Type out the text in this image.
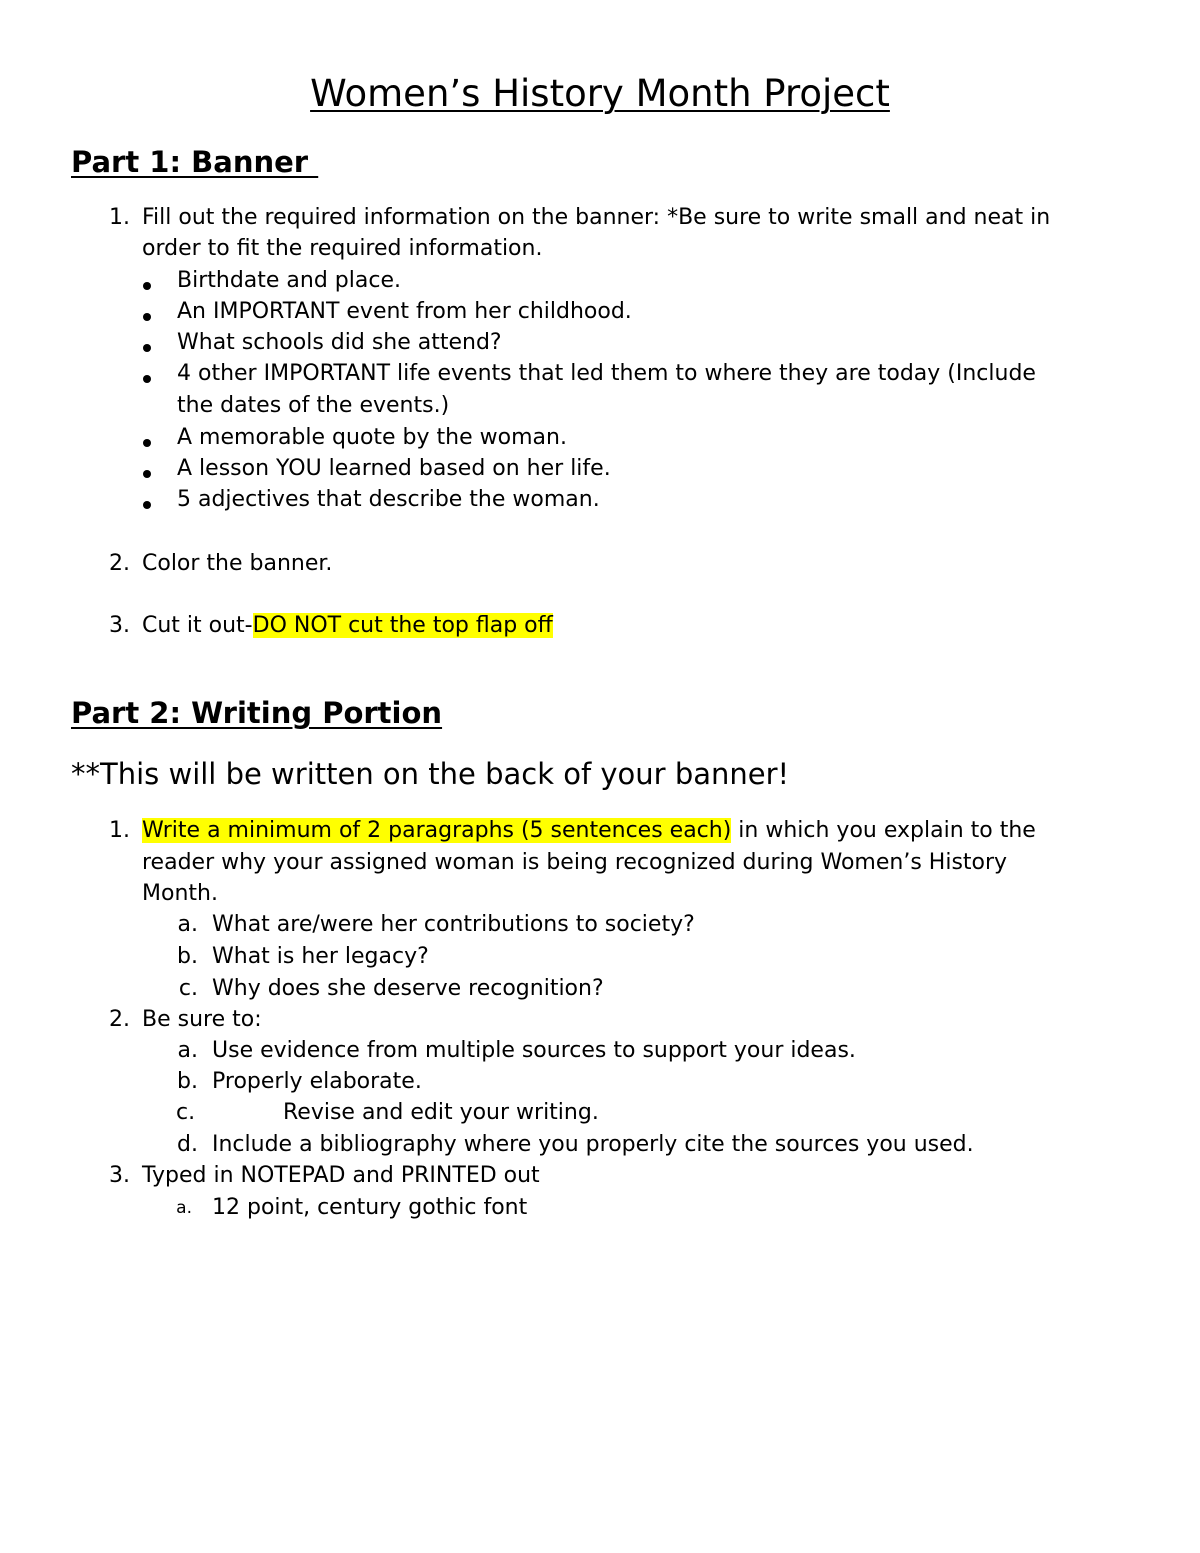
Women’s History Month Project
Part 1: Banner
1. Fill out the required information on the banner: *Be sure to write small and neat in
order to fit the required information.
Birthdate and place.
An IMPORTANT event from her childhood.
What schools did she attend?
4 other IMPORTANT life events that led them to where they are today (Include
the dates of the events.)
A memorable quote by the woman.
A lesson YOU learned based on her life.
5 adjectives that describe the woman.
2. Color the banner.
3. Cut it out-DO NOT cut the top flap off
Part 2: Writing Portion

**This will be written on the back of your banner!

1. Write a minimum of 2 paragraphs (5 sentences each) in which you explain to the
reader why your assigned woman is being recognized during Women’s History
Month.
a. What are/were her contributions to society?
b. What is her legacy?
c. Why does she deserve recognition?
2. Be sure to:
a. Use evidence from multiple sources to support your ideas.
b. Properly elaborate.
c.	Revise and edit your writing.
d. Include a bibliography where you properly cite the sources you used.
3. Typed in NOTEPAD and PRINTED out
a. 12 point, century gothic font
